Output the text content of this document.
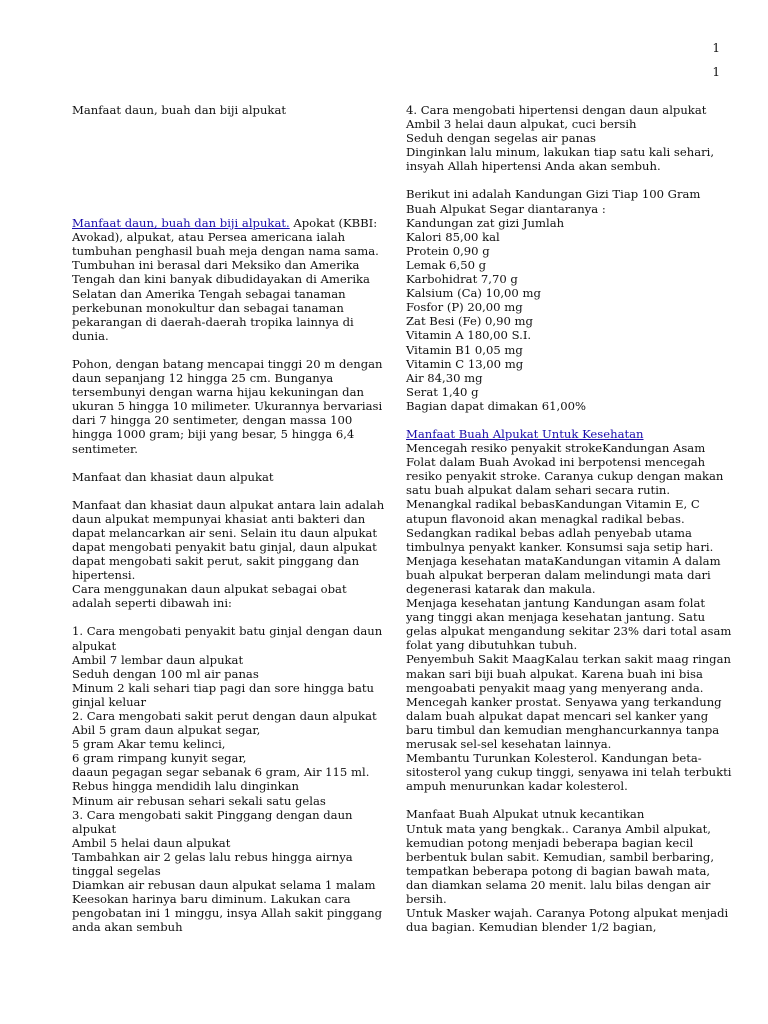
1
1

Manfaat daun, buah dan biji alpukat

Manfaat daun, buah dan biji alpukat. Apokat (KBBI: Avokad), alpukat, atau Persea americana ialah tumbuhan penghasil buah meja dengan nama sama. Tumbuhan ini berasal dari Meksiko dan Amerika Tengah dan kini banyak dibudidayakan di Amerika Selatan dan Amerika Tengah sebagai tanaman perkebunan monokultur dan sebagai tanaman pekarangan di daerah-daerah tropika lainnya di dunia.

Pohon, dengan batang mencapai tinggi 20 m dengan daun sepanjang 12 hingga 25 cm. Bunganya tersembunyi dengan warna hijau kekuningan dan ukuran 5 hingga 10 milimeter. Ukurannya bervariasi dari 7 hingga 20 sentimeter, dengan massa 100 hingga 1000 gram; biji yang besar, 5 hingga 6,4 sentimeter.

Manfaat dan khasiat daun alpukat

Manfaat dan khasiat daun alpukat antara lain adalah daun alpukat mempunyai khasiat anti bakteri dan dapat melancarkan air seni. Selain itu daun alpukat dapat mengobati penyakit batu ginjal, daun alpukat dapat mengobati sakit perut, sakit pinggang dan hipertensi.

Cara menggunakan daun alpukat sebagai obat adalah seperti dibawah ini:

1. Cara mengobati penyakit batu ginjal dengan daun alpukat
Ambil 7 lembar daun alpukat
Seduh dengan 100 ml air panas
Minum 2 kali sehari tiap pagi dan sore hingga batu ginjal keluar
2. Cara mengobati sakit perut dengan daun alpukat
Abil 5 gram daun alpukat segar,
5 gram Akar temu kelinci,
6 gram rimpang kunyit segar,
daaun pegagan segar sebanak 6 gram, Air 115 ml.
Rebus hingga mendidih lalu dinginkan
Minum air rebusan sehari sekali satu gelas
3. Cara mengobati sakit Pinggang dengan daun alpukat
Ambil 5 helai daun alpukat
Tambahkan air 2 gelas lalu rebus hingga airnya tinggal segelas
Diamkan air rebusan daun alpukat selama 1 malam
Keesokan harinya baru diminum. Lakukan cara pengobatan ini 1 minggu, insya Allah sakit pinggang anda akan sembuh

4. Cara mengobati hipertensi dengan daun alpukat
Ambil 3 helai daun alpukat, cuci bersih
Seduh dengan segelas air panas
Dinginkan lalu minum, lakukan tiap satu kali sehari, insyah Allah hipertensi Anda akan sembuh.

Berikut ini adalah Kandungan Gizi Tiap 100 Gram Buah Alpukat Segar diantaranya :

Kandungan zat gizi Jumlah

Kalori 85,00 kal

Protein 0,90 g

Lemak 6,50 g

Karbohidrat 7,70 g

Kalsium (Ca) 10,00 mg

Fosfor (P) 20,00 mg

Zat Besi (Fe) 0,90 mg

Vitamin A 180,00 S.I.

Vitamin B1 0,05 mg

Vitamin C 13,00 mg

Air 84,30 mg

Serat 1,40 g

Bagian dapat dimakan 61,00%

Manfaat Buah Alpukat Untuk Kesehatan

Mencegah resiko penyakit strokeKandungan Asam Folat dalam Buah Avokad ini berpotensi mencegah resiko penyakit stroke. Caranya cukup dengan makan satu buah alpukat dalam sehari secara rutin.
Menangkal radikal bebasKandungan Vitamin E, C atupun flavonoid akan menagkal radikal bebas. Sedangkan radikal bebas adlah penyebab utama timbulnya penyakt kanker. Konsumsi saja setip hari.
Menjaga kesehatan mataKandungan vitamin A dalam buah alpukat berperan dalam melindungi mata dari degenerasi katarak dan makula.
Menjaga kesehatan jantung Kandungan asam folat yang tinggi akan menjaga kesehatan jantung. Satu gelas alpukat mengandung sekitar 23% dari total asam folat yang dibutuhkan tubuh.
Penyembuh Sakit MaagKalau terkan sakit maag ringan makan sari biji buah alpukat. Karena buah ini bisa mengoabati penyakit maag yang menyerang anda.
Mencegah kanker prostat. Senyawa yang terkandung dalam buah alpukat dapat mencari sel kanker yang baru timbul dan kemudian menghancurkannya tanpa merusak sel-sel kesehatan lainnya.
Membantu Turunkan Kolesterol. Kandungan beta-sitosterol yang cukup tinggi, senyawa ini telah terbukti ampuh menurunkan kadar kolesterol.

Manfaat Buah Alpukat utnuk kecantikan

Untuk mata yang bengkak.. Caranya Ambil alpukat, kemudian potong menjadi beberapa bagian kecil berbentuk bulan sabit. Kemudian, sambil berbaring, tempatkan beberapa potong di bagian bawah mata, dan diamkan selama 20 menit. lalu bilas dengan air bersih.
Untuk Masker wajah. Caranya Potong alpukat menjadi dua bagian. Kemudian blender 1/2 bagian,
